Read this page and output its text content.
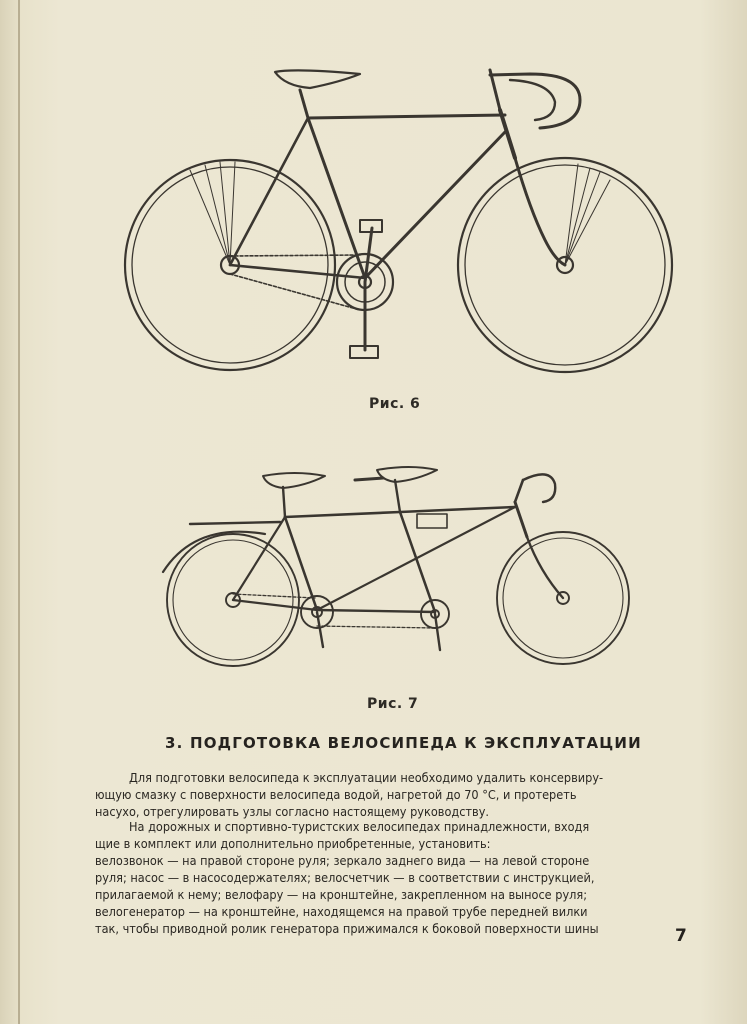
Рис. 6
Рис. 7
3. ПОДГОТОВКА ВЕЛОСИПЕДА К ЭКСПЛУАТАЦИИ
Для подготовки велосипеда к эксплуатации необходимо удалить консервиру-
ющую смазку с поверхности велосипеда водой, нагретой до 70 °С, и протереть
насухо, отрегулировать узлы согласно настоящему руководству.
На дорожных и спортивно-туристских велосипедах принадлежности, входя
щие в комплект или дополнительно приобретенные, установить:
велозвонок — на правой стороне руля; зеркало заднего вида — на левой стороне
руля; насос — в насосодержателях; велосчетчик — в соответствии с инструкцией,
прилагаемой к нему; велофару — на кронштейне, закрепленном на выносе руля;
велогенератор — на кронштейне, находящемся на правой трубе передней вилки
так, чтобы приводной ролик генератора прижимался к боковой поверхности шины	7
